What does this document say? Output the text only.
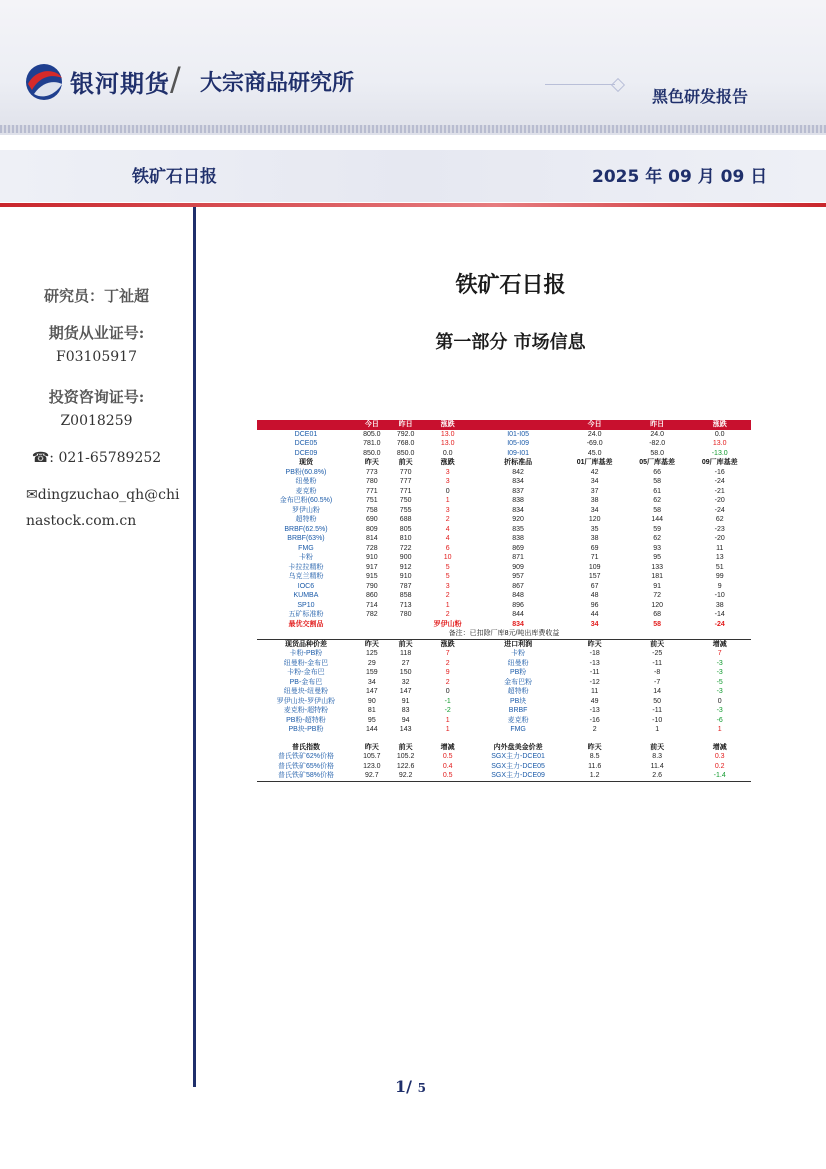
银河期货 / 大宗商品研究所
黑色研发报告
铁矿石日报	2025 年 09 月 09 日
研究员：丁祉超
期货从业证号:
F03105917
投资咨询证号:
Z0018259
☎: 021-65789252
✉dingzuchao_qh@chinastock.com.cn
铁矿石日报
第一部分 市场信息
	今日	昨日	涨跌		今日	昨日	涨跌
DCE01	805.0	792.0	13.0	I01-I05	24.0	24.0	0.0
DCE05	781.0	768.0	13.0	I05-I09	-69.0	-82.0	13.0
DCE09	850.0	850.0	0.0	I09-I01	45.0	58.0	-13.0
现货	昨天	前天	涨跌	折标准品	01厂库基差	05厂库基差	09厂库基差
PB粉(60.8%)	773	770	3	842	42	66	-16
纽曼粉	780	777	3	834	34	58	-24
麦克粉	771	771	0	837	37	61	-21
金布巴粉(60.5%)	751	750	1	838	38	62	-20
罗伊山粉	758	755	3	834	34	58	-24
超特粉	690	688	2	920	120	144	62
BRBF(62.5%)	809	805	4	835	35	59	-23
BRBF(63%)	814	810	4	838	38	62	-20
FMG	728	722	6	869	69	93	11
卡粉	910	900	10	871	71	95	13
卡拉拉精粉	917	912	5	909	109	133	51
乌克兰精粉	915	910	5	957	157	181	99
IOC6	790	787	3	867	67	91	9
KUMBA	860	858	2	848	48	72	-10
SP10	714	713	1	896	96	120	38
五矿标准粉	782	780	2	844	44	68	-14
最优交割品			罗伊山粉	834	34	58	-24
备注：已扣除厂库8元/吨出库费收益							
现货品种价差	昨天	前天	涨跌	进口利润	昨天	前天	增减
卡粉-PB粉	125	118	7	卡粉	-18	-25	7
纽曼粉-金布巴	29	27	2	纽曼粉	-13	-11	-3
卡粉-金布巴	159	150	9	PB粉	-11	-8	-3
PB-金布巴	34	32	2	金布巴粉	-12	-7	-5
纽曼块-纽曼粉	147	147	0	超特粉	11	14	-3
罗伊山块-罗伊山粉	90	91	-1	PB块	49	50	0
麦克粉-超特粉	81	83	-2	BRBF	-13	-11	-3
PB粉-超特粉	95	94	1	麦克粉	-16	-10	-6
PB块-PB粉	144	143	1	FMG	2	1	1

普氏指数	昨天	前天	增减	内外盘美金价差	昨天	前天	增减
普氏铁矿62%价格	105.7	105.2	0.5	SGX主力-DCE01	8.5	8.3	0.3
普氏铁矿65%价格	123.0	122.6	0.4	SGX主力-DCE05	11.6	11.4	0.2
普氏铁矿58%价格	92.7	92.2	0.5	SGX主力-DCE09	1.2	2.6	-1.4
1/ 5
